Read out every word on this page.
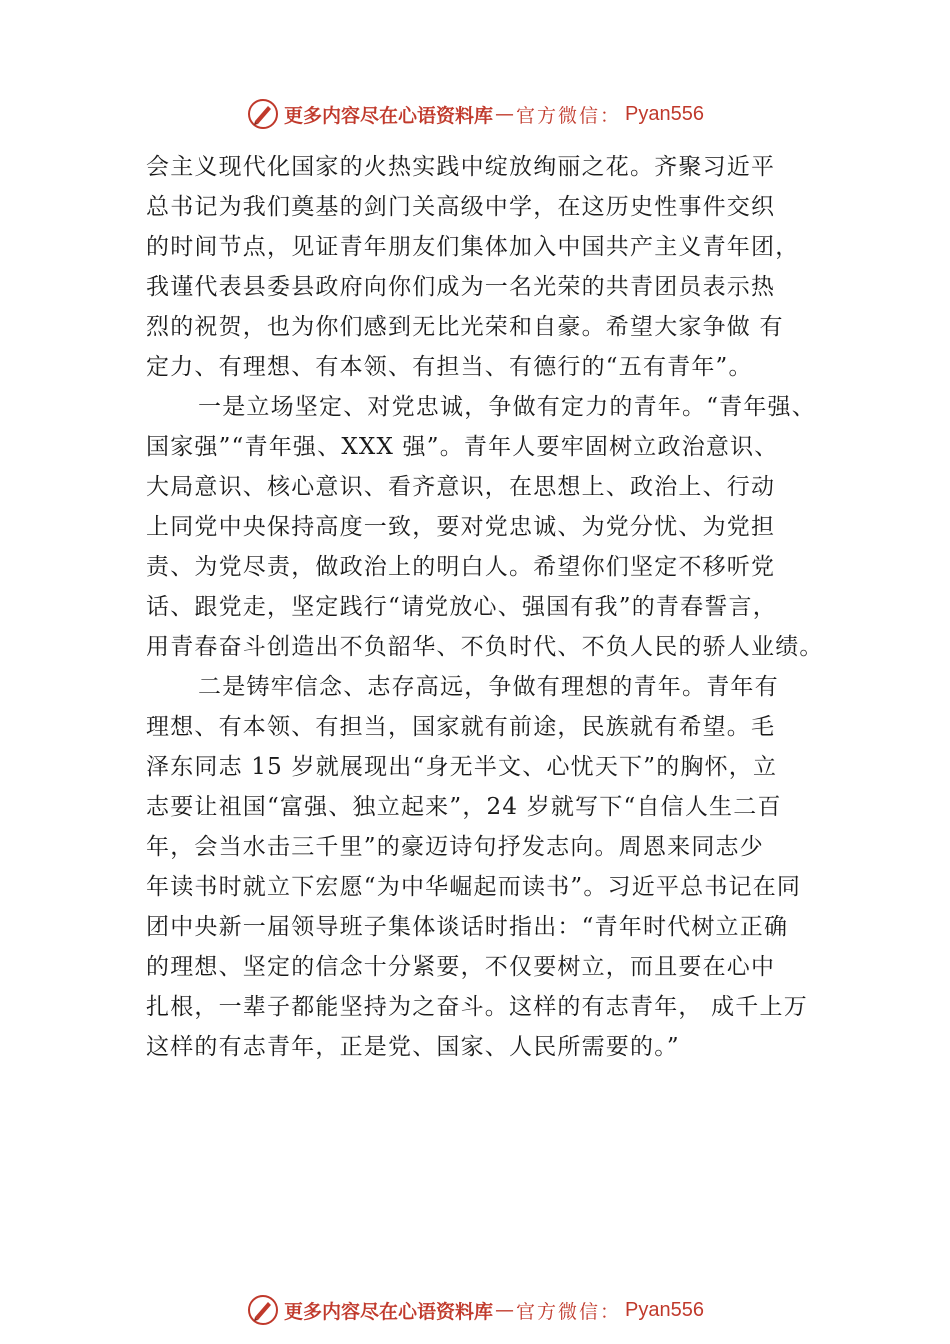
更多内容尽在心语资料库 — 官方微信： Pyan556
会主义现代化国家的火热实践中绽放绚丽之花。齐聚习近平
总书记为我们奠基的剑门关高级中学，在这历史性事件交织
的时间节点，见证青年朋友们集体加入中国共产主义青年团，
我谨代表县委县政府向你们成为一名光荣的共青团员表示热
烈的祝贺，也为你们感到无比光荣和自豪。希望大家争做 有
定力、有理想、有本领、有担当、有德行的“五有青年”。
一是立场坚定、对党忠诚，争做有定力的青年。“青年强、
国家强”“青年强、XXX 强”。青年人要牢固树立政治意识、
大局意识、核心意识、看齐意识，在思想上、政治上、行动
上同党中央保持高度一致，要对党忠诚、为党分忧、为党担
责、为党尽责，做政治上的明白人。希望你们坚定不移听党
话、跟党走，坚定践行“请党放心、强国有我”的青春誓言，
用青春奋斗创造出不负韶华、不负时代、不负人民的骄人业绩。
二是铸牢信念、志存高远，争做有理想的青年。青年有
理想、有本领、有担当，国家就有前途，民族就有希望。毛
泽东同志 15 岁就展现出“身无半文、心忧天下”的胸怀，立
志要让祖国“富强、独立起来”，24 岁就写下“自信人生二百
年，会当水击三千里”的豪迈诗句抒发志向。周恩来同志少
年读书时就立下宏愿“为中华崛起而读书”。习近平总书记在同
团中央新一届领导班子集体谈话时指出：“青年时代树立正确
的理想、坚定的信念十分紧要，不仅要树立，而且要在心中
扎根，一辈子都能坚持为之奋斗。这样的有志青年， 成千上万
这样的有志青年，正是党、国家、人民所需要的。”
更多内容尽在心语资料库 — 官方微信： Pyan556
